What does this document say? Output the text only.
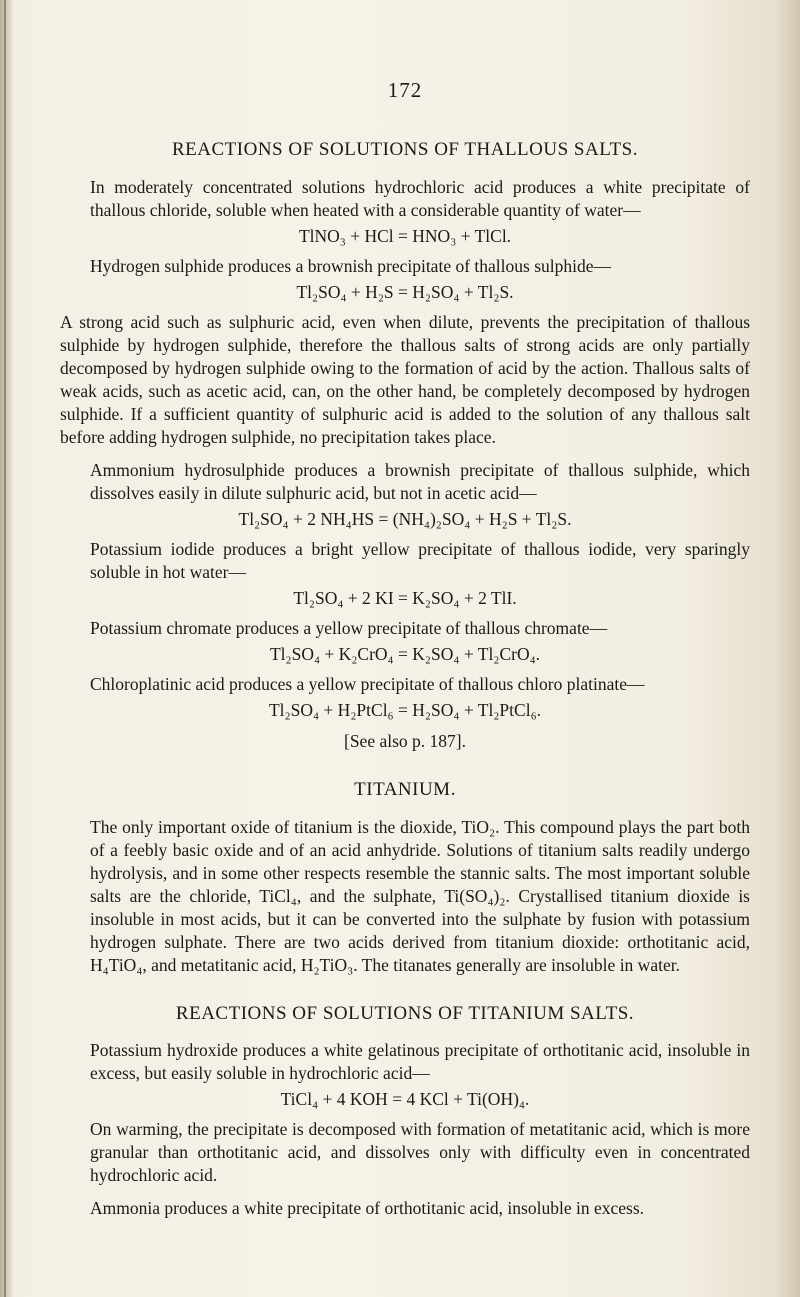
172
REACTIONS OF SOLUTIONS OF THALLOUS SALTS.

In moderately concentrated solutions hydrochloric acid produces a white precipitate of thallous chloride, soluble when heated with a considerable quantity of water—

TlNO₃ + HCl = HNO₃ + TlCl.

Hydrogen sulphide produces a brownish precipitate of thallous sulphide—

Tl₂SO₄ + H₂S = H₂SO₄ + Tl₂S.

A strong acid such as sulphuric acid, even when dilute, prevents the precipitation of thallous sulphide by hydrogen sulphide, therefore the thallous salts of strong acids are only partially decomposed by hydrogen sulphide owing to the formation of acid by the action. Thallous salts of weak acids, such as acetic acid, can, on the other hand, be completely decomposed by hydrogen sulphide. If a sufficient quantity of sulphuric acid is added to the solution of any thallous salt before adding hydrogen sulphide, no precipitation takes place.

Ammonium hydrosulphide produces a brownish precipitate of thallous sulphide, which dissolves easily in dilute sulphuric acid, but not in acetic acid—

Tl₂SO₄ + 2 NH₄HS = (NH₄)₂SO₄ + H₂S + Tl₂S.

Potassium iodide produces a bright yellow precipitate of thallous iodide, very sparingly soluble in hot water—

Tl₂SO₄ + 2 KI = K₂SO₄ + 2 TlI.

Potassium chromate produces a yellow precipitate of thallous chromate—

Tl₂SO₄ + K₂CrO₄ = K₂SO₄ + Tl₂CrO₄.

Chloroplatinic acid produces a yellow precipitate of thallous chloro platinate—

Tl₂SO₄ + H₂PtCl₆ = H₂SO₄ + Tl₂PtCl₆.
[See also p. 187].
TITANIUM.

The only important oxide of titanium is the dioxide, TiO₂. This compound plays the part both of a feebly basic oxide and of an acid anhydride. Solutions of titanium salts readily undergo hydrolysis, and in some other respects resemble the stannic salts. The most important soluble salts are the chloride, TiCl₄, and the sulphate, Ti(SO₄)₂. Crystallised titanium dioxide is insoluble in most acids, but it can be converted into the sulphate by fusion with potassium hydrogen sulphate. There are two acids derived from titanium dioxide: orthotitanic acid, H₄TiO₄, and metatitanic acid, H₂TiO₃. The titanates generally are insoluble in water.

REACTIONS OF SOLUTIONS OF TITANIUM SALTS.

Potassium hydroxide produces a white gelatinous precipitate of orthotitanic acid, insoluble in excess, but easily soluble in hydrochloric acid—

TiCl₄ + 4 KOH = 4 KCl + Ti(OH)₄.

On warming, the precipitate is decomposed with formation of metatitanic acid, which is more granular than orthotitanic acid, and dissolves only with difficulty even in concentrated hydrochloric acid.

Ammonia produces a white precipitate of orthotitanic acid, insoluble in excess.
